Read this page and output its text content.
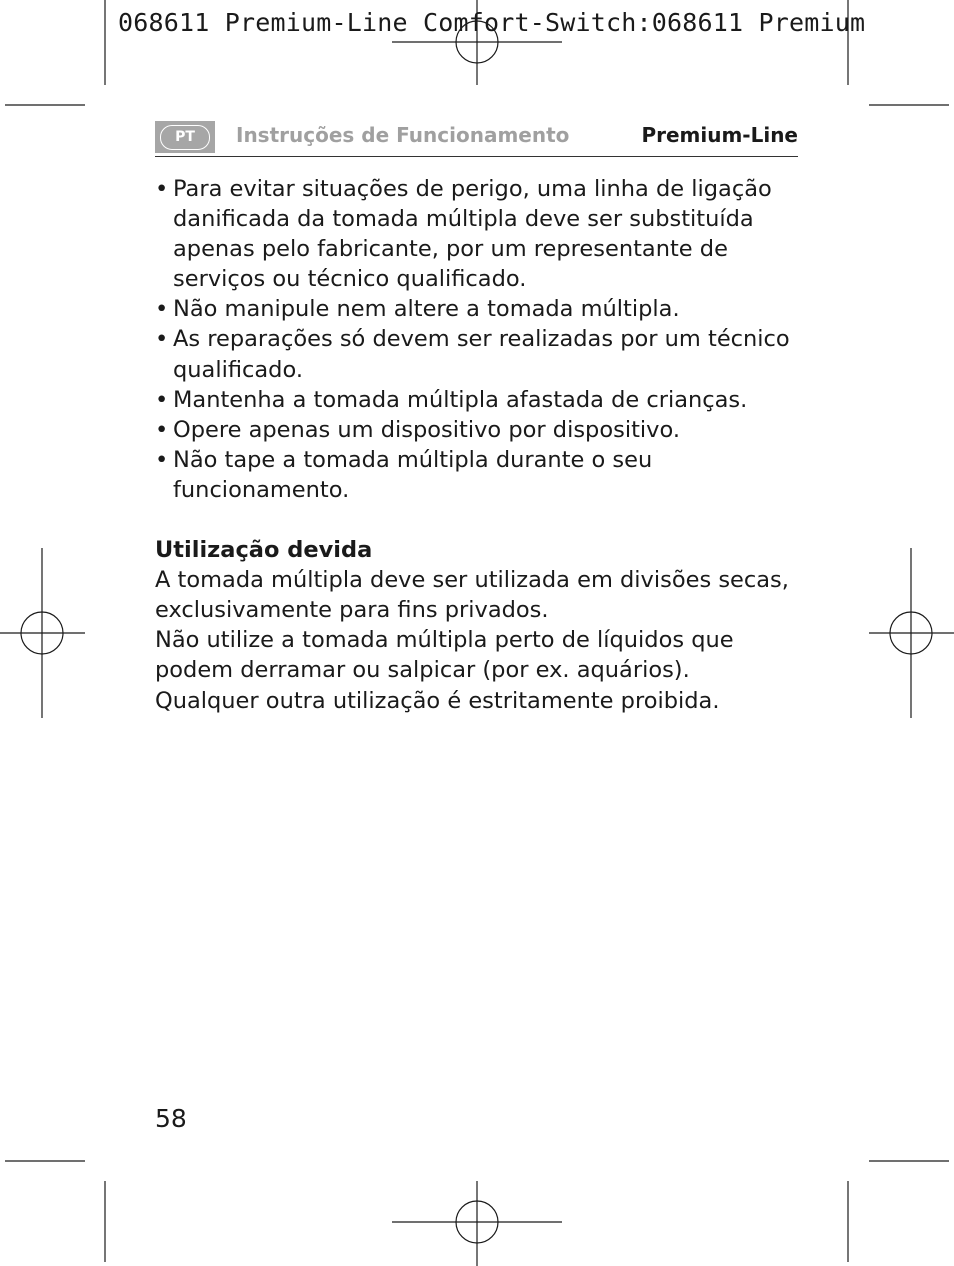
068611 Premium-Line Comfort-Switch:068611 Premium
PT	Instruções de Funcionamento	Premium-Line
• Para evitar situações de perigo, uma linha de ligação danificada da tomada múltipla deve ser substituída apenas pelo fabricante, por um representante de serviços ou técnico qualificado.
• Não manipule nem altere a tomada múltipla.
• As reparações só devem ser realizadas por um técnico qualificado.
• Mantenha a tomada múltipla afastada de crianças.
• Opere apenas um dispositivo por dispositivo.
• Não tape a tomada múltipla durante o seu funcionamento.

Utilização devida

A tomada múltipla deve ser utilizada em divisões secas, exclusivamente para fins privados.

Não utilize a tomada múltipla perto de líquidos que podem derramar ou salpicar (por ex. aquários).

Qualquer outra utilização é estritamente proibida.

58
